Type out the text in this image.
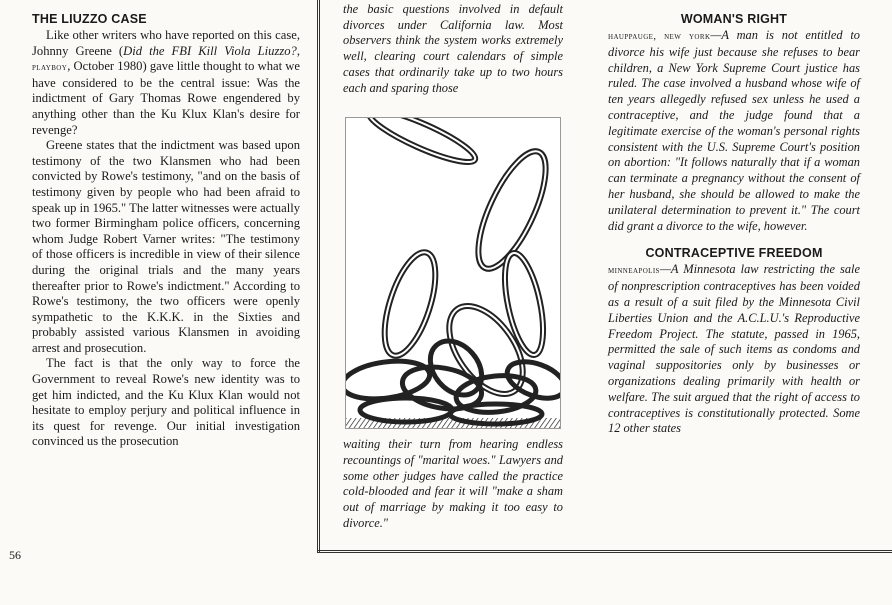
56
THE LIUZZO CASE

Like other writers who have reported on this case, Johnny Greene (Did the FBI Kill Viola Liuzzo?, playboy, October 1980) gave little thought to what we have considered to be the central issue: Was the indictment of Gary Thomas Rowe engendered by anything other than the Ku Klux Klan's desire for revenge?

Greene states that the indictment was based upon testimony of the two Klansmen who had been convicted by Rowe's testimony, "and on the basis of testimony given by people who had been afraid to speak up in 1965." The latter witnesses were actually two former Birmingham police officers, concerning whom Judge Robert Varner writes: "The testimony of those officers is incredible in view of their silence during the original trials and the many years thereafter prior to Rowe's indictment." According to Rowe's testimony, the two officers were openly sympathetic to the K.K.K. in the Sixties and probably assisted various Klansmen in avoiding arrest and prosecution.

The fact is that the only way to force the Government to reveal Rowe's new identity was to get him indicted, and the Ku Klux Klan would not hesitate to employ perjury and political influence in its quest for revenge. Our initial investigation convinced us the prosecution

the basic questions involved in default divorces under California law. Most observers think the system works extremely well, clearing court calendars of simple cases that ordinarily take up to two hours each and sparing those

waiting their turn from hearing endless recountings of "marital woes." Lawyers and some other judges have called the practice cold-blooded and fear it will "make a sham out of marriage by making it too easy to divorce."

WOMAN'S RIGHT

hauppauge, new york—A man is not entitled to divorce his wife just because she refuses to bear children, a New York Supreme Court justice has ruled. The case involved a husband whose wife of ten years allegedly refused sex unless he used a contraceptive, and the judge found that a legitimate exercise of the woman's personal rights consistent with the U.S. Supreme Court's position on abortion: "It follows naturally that if a woman can terminate a pregnancy without the consent of her husband, she should be allowed to make the unilateral determination to prevent it." The court did grant a divorce to the wife, however.

CONTRACEPTIVE FREEDOM

minneapolis—A Minnesota law restricting the sale of nonprescription contraceptives has been voided as a result of a suit filed by the Minnesota Civil Liberties Union and the A.C.L.U.'s Reproductive Freedom Project. The statute, passed in 1965, permitted the sale of such items as condoms and vaginal suppositories only by businesses or organizations dealing primarily with health or welfare. The suit argued that the right of access to contraceptives is constitutionally protected. Some 12 other states
